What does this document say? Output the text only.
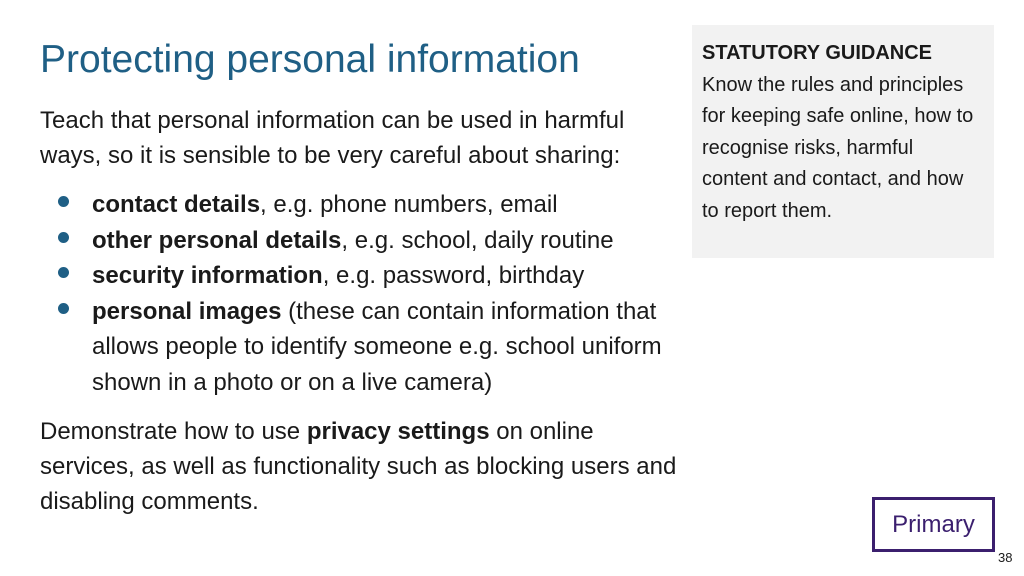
Protecting personal information

Teach that personal information can be used in harmful ways, so it is sensible to be very careful about sharing:

contact details, e.g. phone numbers, email
other personal details, e.g. school, daily routine
security information, e.g. password, birthday
personal images (these can contain information that allows people to identify someone e.g. school uniform shown in a photo or on a live camera)

Demonstrate how to use privacy settings on online services, as well as functionality such as blocking users and disabling comments.

STATUTORY GUIDANCE
Know the rules and principles for keeping safe online, how to recognise risks, harmful content and contact, and how to report them.
Primary
38
